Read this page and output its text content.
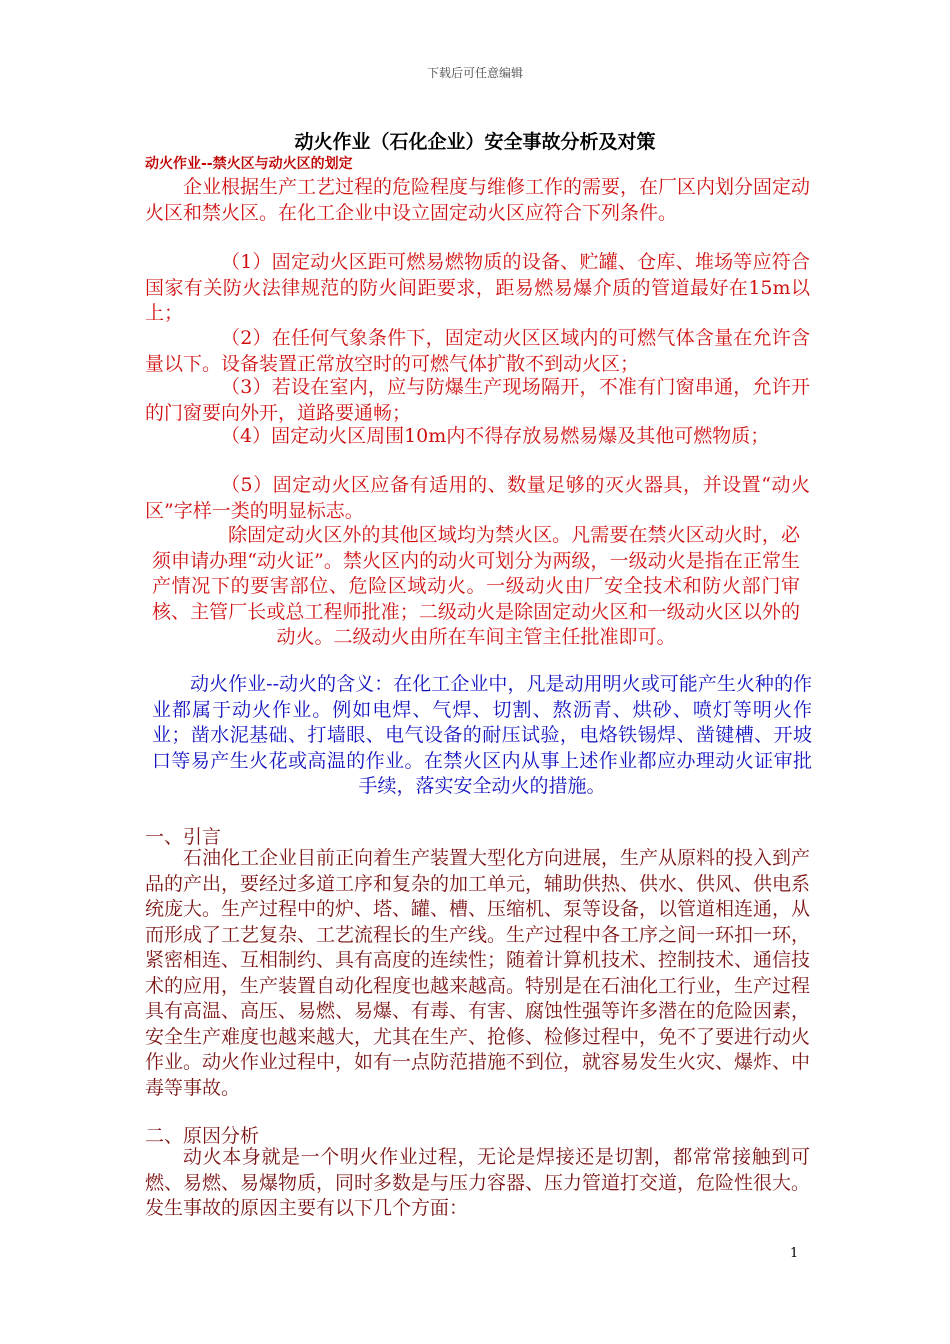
下载后可任意编辑
动火作业（石化企业）安全事故分析及对策
动火作业--禁火区与动火区的划定

企业根据生产工艺过程的危险程度与维修工作的需要，在厂区内划分固定动火区和禁火区。在化工企业中设立固定动火区应符合下列条件。

（1）固定动火区距可燃易燃物质的设备、贮罐、仓库、堆场等应符合国家有关防火法律规范的防火间距要求，距易燃易爆介质的管道最好在15m以上；

（2）在任何气象条件下，固定动火区区域内的可燃气体含量在允许含量以下。设备装置正常放空时的可燃气体扩散不到动火区；

（3）若设在室内，应与防爆生产现场隔开，不准有门窗串通，允许开的门窗要向外开，道路要通畅；

（4）固定动火区周围10m内不得存放易燃易爆及其他可燃物质；

（5）固定动火区应备有适用的、数量足够的灭火器具，并设置“动火区”字样一类的明显标志。

除固定动火区外的其他区域均为禁火区。凡需要在禁火区动火时，必须申请办理“动火证”。禁火区内的动火可划分为两级，一级动火是指在正常生产情况下的要害部位、危险区域动火。一级动火由厂安全技术和防火部门审核、主管厂长或总工程师批准；二级动火是除固定动火区和一级动火区以外的动火。二级动火由所在车间主管主任批准即可。

动火作业--动火的含义：在化工企业中，凡是动用明火或可能产生火种的作业都属于动火作业。例如电焊、气焊、切割、熬沥青、烘砂、喷灯等明火作业；凿水泥基础、打墙眼、电气设备的耐压试验，电烙铁锡焊、凿键槽、开坡口等易产生火花或高温的作业。在禁火区内从事上述作业都应办理动火证审批手续，落实安全动火的措施。

一、引言

石油化工企业目前正向着生产装置大型化方向进展，生产从原料的投入到产品的产出，要经过多道工序和复杂的加工单元，辅助供热、供水、供风、供电系统庞大。生产过程中的炉、塔、罐、槽、压缩机、泵等设备，以管道相连通，从而形成了工艺复杂、工艺流程长的生产线。生产过程中各工序之间一环扣一环，紧密相连、互相制约、具有高度的连续性；随着计算机技术、控制技术、通信技术的应用，生产装置自动化程度也越来越高。特别是在石油化工行业，生产过程具有高温、高压、易燃、易爆、有毒、有害、腐蚀性强等许多潜在的危险因素，安全生产难度也越来越大，尤其在生产、抢修、检修过程中，免不了要进行动火作业。动火作业过程中，如有一点防范措施不到位，就容易发生火灾、爆炸、中毒等事故。

二、原因分析

动火本身就是一个明火作业过程，无论是焊接还是切割，都常常接触到可燃、易燃、易爆物质，同时多数是与压力容器、压力管道打交道，危险性很大。发生事故的原因主要有以下几个方面：

1
